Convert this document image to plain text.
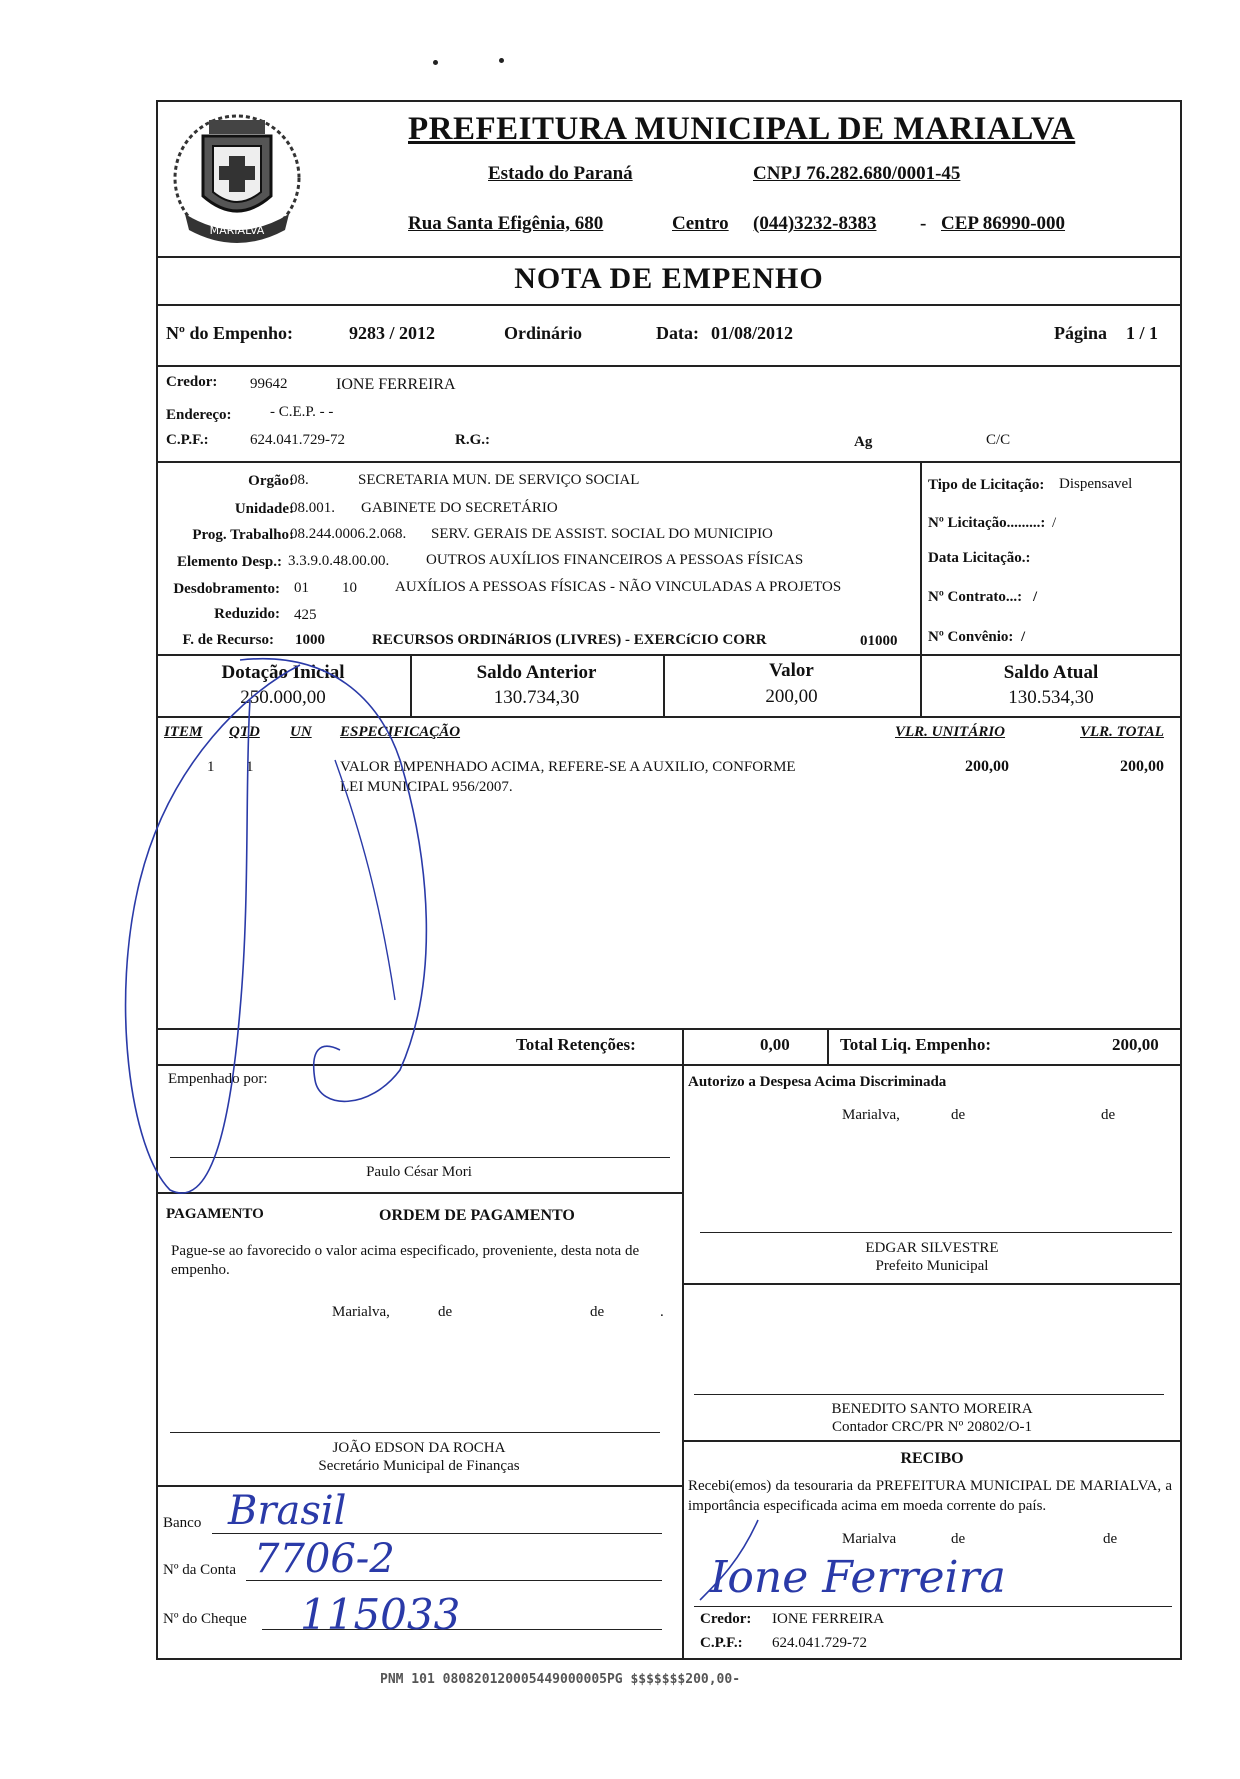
MARIALVA
PREFEITURA MUNICIPAL DE MARIALVA
Estado do Paraná	CNPJ 76.282.680/0001-45
Rua Santa Efigênia, 680	Centro (044)3232-8383 - CEP 86990-000
NOTA DE EMPENHO
Nº do Empenho:	9283 / 2012	Ordinário	Data: 01/08/2012	Página 1 / 1
Credor: 99642	IONE FERREIRA
Endereço:	- C.E.P. - -
C.P.F.:	624.041.729-72	R.G.:	Ag	C/C
Orgão:
08.	SECRETARIA MUN. DE SERVIÇO SOCIAL
Unidade:
08.001. GABINETE DO SECRETÁRIO
Prog. Trabalho:
08.244.0006.2.068. SERV. GERAIS DE ASSIST. SOCIAL DO MUNICIPIO
Elemento Desp.: 3.3.9.0.48.00.00. OUTROS AUXÍLIOS FINANCEIROS A PESSOAS FÍSICAS
Desdobramento: 01 10	AUXÍLIOS A PESSOAS FÍSICAS - NÃO VINCULADAS A PROJETOS
Reduzido: 425
F. de Recurso: 1000	RECURSOS ORDINáRIOS (LIVRES) - EXERCíCIO CORR	01000
Tipo de Licitação: Dispensavel
Nº Licitação.........: /
Data Licitação.:
Nº Contrato...: /
Nº Convênio: /
Dotação Inicial
250.000,00
Saldo Anterior
130.734,30
Valor
200,00
Saldo Atual
130.534,30
ITEM QTD UN ESPECIFICAÇÃO	VLR. UNITÁRIO	VLR. TOTAL
1 1	VALOR EMPENHADO ACIMA, REFERE-SE A AUXILIO, CONFORME
LEI MUNICIPAL 956/2007.
200,00	200,00
Total Retenções:	0,00	Total Liq. Empenho:	200,00
Empenhado por:
Paulo César Mori
Autorizo a Despesa Acima Discriminada
Marialva,	de	de
EDGAR SILVESTRE
Prefeito Municipal
PAGAMENTO	ORDEM DE PAGAMENTO
Pague-se ao favorecido o valor acima especificado, proveniente, desta nota de empenho.
Marialva,	de	de	.
JOÃO EDSON DA ROCHA
Secretário Municipal de Finanças
BENEDITO SANTO MOREIRA
Contador CRC/PR Nº 20802/O-1
RECIBO
Recebi(emos) da tesouraria da PREFEITURA MUNICIPAL DE MARIALVA, a importância especificada acima em moeda corrente do país.
Marialva	de	de
Credor: IONE FERREIRA
C.P.F.: 624.041.729-72
Ione Ferreira
Banco Brasil
Nº da Conta 7706-2
Nº do Cheque 115033
PNM 101 080820120005449000005PG $$$$$$$200,00-
